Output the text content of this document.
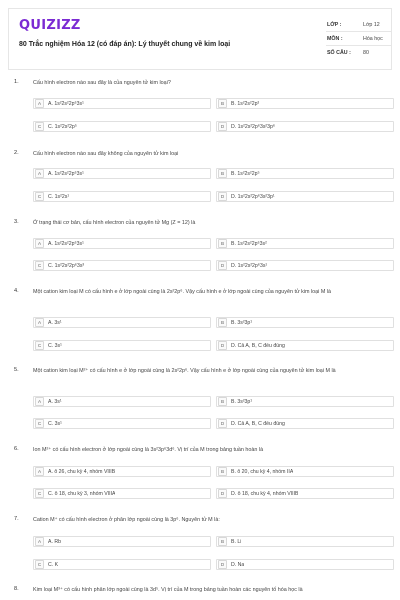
QUIZIZZ
80 Trắc nghiệm Hóa 12 (có đáp án): Lý thuyết chung về kim loại
LỚP :	Lớp 12
MÔN :	Hóa học
SỐ CÂU :	80
1.	Cấu hình electron nào sau đây là của nguyên tử kim loại?
A	A. 1s²2s²2p⁶3s¹	B	B. 1s²2s²2p³
C	C. 1s²2s²2p⁵	D	D. 1s²2s²2p⁶3s²3p⁶
2.	Cấu hình electron nào sau đây không của nguyên tử kim loại
A	A. 1s²2s²2p⁶3s¹	B	B. 1s²2s²2p⁵
C	C. 1s²2s¹	D	D. 1s²2s²2p⁶3s²3p¹
3.	Ở trạng thái cơ bản, cấu hình electron của nguyên tử Mg (Z = 12) là
A	A. 1s²2s²2p⁶3s¹	B	B. 1s²2s²2p⁶3s²
C	C. 1s²2s²2p⁶3s³	D	D. 1s²2s²2p⁶3s¹
4.	Một cation kim loại M có cấu hình e ở lớp ngoài cùng là 2s²2p⁶. Vậy cấu hình e ở lớp ngoài cùng của nguyên tử kim loại M là
A	A. 3s¹	B	B. 3s²3p¹
C	C. 3s¹	D	D. Cả A, B, C đều đúng
5.	Một cation kim loại M²⁺ có cấu hình e ở lớp ngoài cùng là 2s²2p⁶. Vậy cấu hình e ở lớp ngoài cùng của nguyên tử kim loại M là
A	A. 3s¹	B	B. 3s²3p¹
C	C. 3s¹	D	D. Cả A, B, C đều đúng
6.	Ion M²⁺ có cấu hình electron ở lớp ngoài cùng là 3s²3p⁶3d⁶. Vị trí của M trong bảng tuần hoàn là
A	A. ô 26, chu kỳ 4, nhóm VIIIB	B	B. ô 20, chu kỳ 4, nhóm IIA
C	C. ô 18, chu kỳ 3, nhóm VIIIA	D	D. ô 18, chu kỳ 4, nhóm VIIIB
7.	Cation M⁺ có cấu hình electron ở phân lớp ngoài cùng là 3p⁶. Nguyên tử M là:
A	A. Rb	B	B. Li
C	C. K	D	D. Na
8.	Kim loại M³⁺ có cấu hình phân lớp ngoài cùng là 3d⁵. Vị trí của M trong bảng tuần hoàn các nguyên tố hóa học là
